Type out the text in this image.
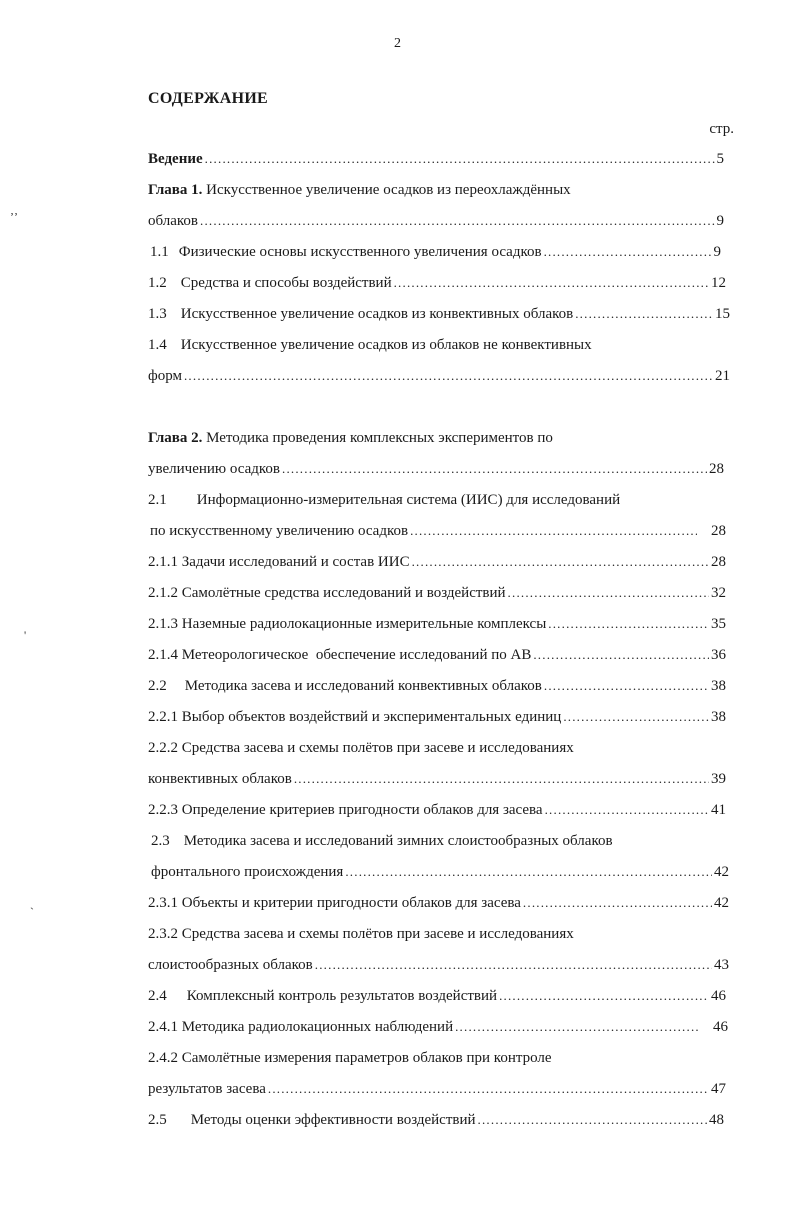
2
СОДЕРЖАНИЕ
стр.
Ведение .....	5
Глава 1. Искусственное увеличение осадков из переохлаждённых
облаков .....	9
1.1 Физические основы искусственного увеличения осадков .....	9
1.2 Средства и способы воздействий .....	12
1.3 Искусственное увеличение осадков из конвективных облаков .....	15
1.4 Искусственное увеличение осадков из облаков не конвективных
форм .....	21
Глава 2. Методика проведения комплексных экспериментов по
увеличению осадков .....	28
2.1 Информационно-измерительная система (ИИС) для исследований
по искусственному увеличению осадков .....	28
2.1.1 Задачи исследований и состав ИИС .....	28
2.1.2 Самолётные средства исследований и воздействий .....	32
2.1.3 Наземные радиолокационные измерительные комплексы .....	35
2.1.4 Метеорологическое  обеспечение исследований по АВ .....	36
2.2 Методика засева и исследований конвективных облаков .....	38
2.2.1 Выбор объектов воздействий и экспериментальных единиц .....	38
2.2.2 Средства засева и схемы полётов при засеве и исследованиях
конвективных облаков .....	39
2.2.3 Определение критериев пригодности облаков для засева .....	41
2.3 Методика засева и исследований зимних слоистообразных облаков
фронтального происхождения .....	42
2.3.1 Объекты и критерии пригодности облаков для засева .....	42
2.3.2 Средства засева и схемы полётов при засеве и исследованиях
слоистообразных облаков .....	43
2.4 Комплексный контроль результатов воздействий .....	46
2.4.1 Методика радиолокационных наблюдений .....	46
2.4.2 Самолётные измерения параметров облаков при контроле
результатов засева .....	47
2.5 Методы оценки эффективности воздействий .....	48
‚‚
'
ˋ
